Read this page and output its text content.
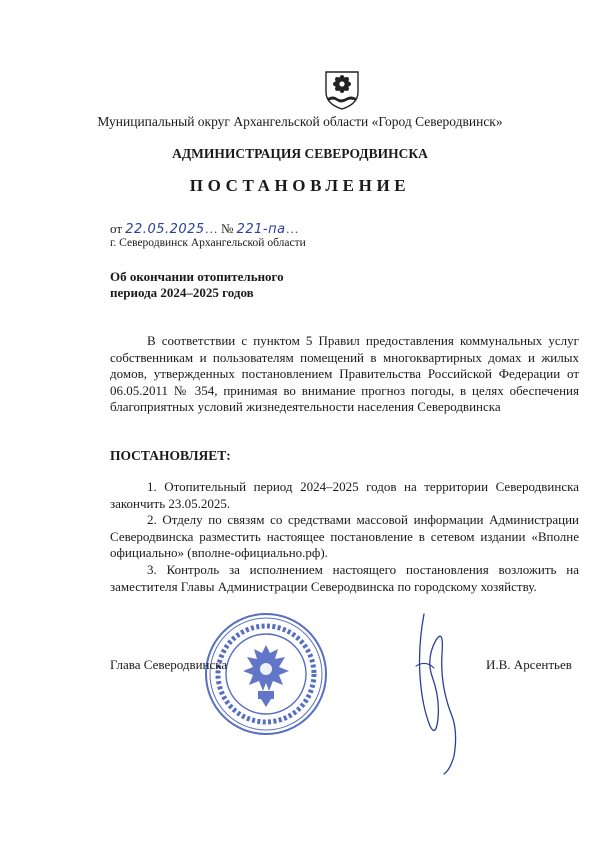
Муниципальный округ Архангельской области «Город Северодвинск»
АДМИНИСТРАЦИЯ СЕВЕРОДВИНСКА
ПОСТАНОВЛЕНИЕ
от
22.05.2025 … №
221-па …
г. Северодвинск Архангельской области
Об окончании отопительного
периода 2024–2025 годов

В соответствии с пунктом 5 Правил предоставления коммунальных услуг собственникам и пользователям помещений в многоквартирных домах и жилых домов, утвержденных постановлением Правительства Российской Федерации от 06.05.2011 № 354, принимая во внимание прогноз погоды, в целях обеспечения благоприятных условий жизнедеятельности населения Северодвинска

ПОСТАНОВЛЯЕТ:

1. Отопительный период 2024–2025 годов на территории Северодвинска закончить 23.05.2025.

2. Отделу по связям со средствами массовой информации Администрации Северодвинска разместить настоящее постановление в сетевом издании «Вполне официально» (вполне-официально.рф).

3. Контроль за исполнением настоящего постановления возложить на заместителя Главы Администрации Северодвинска по городскому хозяйству.

Глава Северодвинска	И.В. Арсентьев
